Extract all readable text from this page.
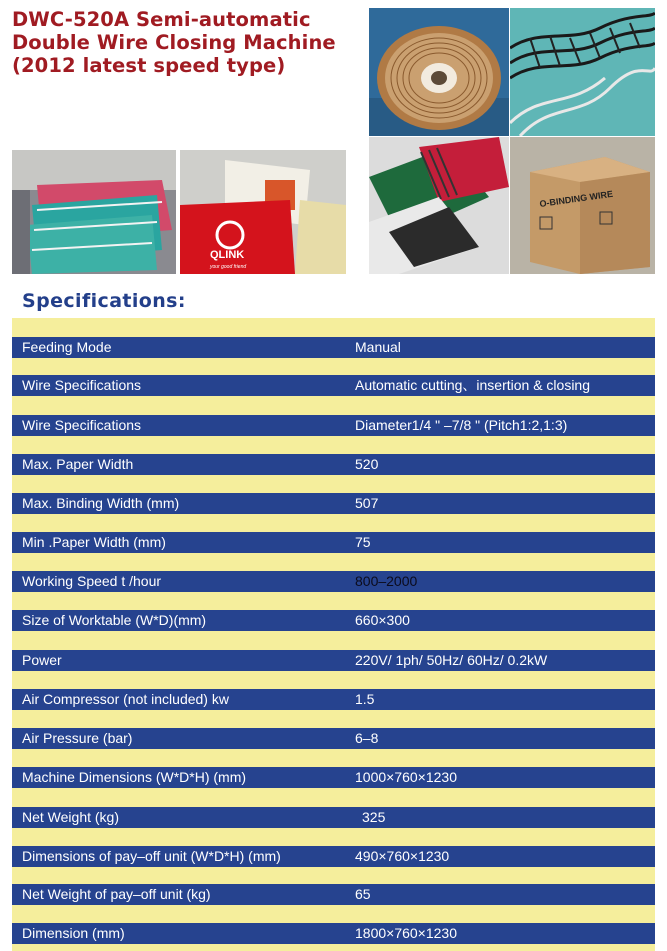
DWC-520A Semi-automatic
Double Wire Closing Machine
(2012 latest speed type)
O-BINDING WIRE
QLINK
your good friend
Specifications:
Feeding Mode	Manual
Wire Specifications	Automatic cutting、insertion & closing
Wire Specifications	Diameter1/4 " –7/8 " (Pitch1:2,1:3)
Max. Paper Width	520
Max. Binding Width (mm)	507
Min .Paper Width (mm)	75
Working Speed t /hour	800–2000
Size of Worktable (W*D)(mm)	660×300
Power	220V/ 1ph/ 50Hz/ 60Hz/ 0.2kW
Air Compressor (not included) kw	1.5
Air Pressure (bar)	6–8
Machine Dimensions (W*D*H) (mm)	1000×760×1230
Net Weight (kg)	325
Dimensions of pay–off unit (W*D*H) (mm)	490×760×1230
Net Weight of pay–off unit (kg)	65
Dimension (mm)	1800×760×1230
